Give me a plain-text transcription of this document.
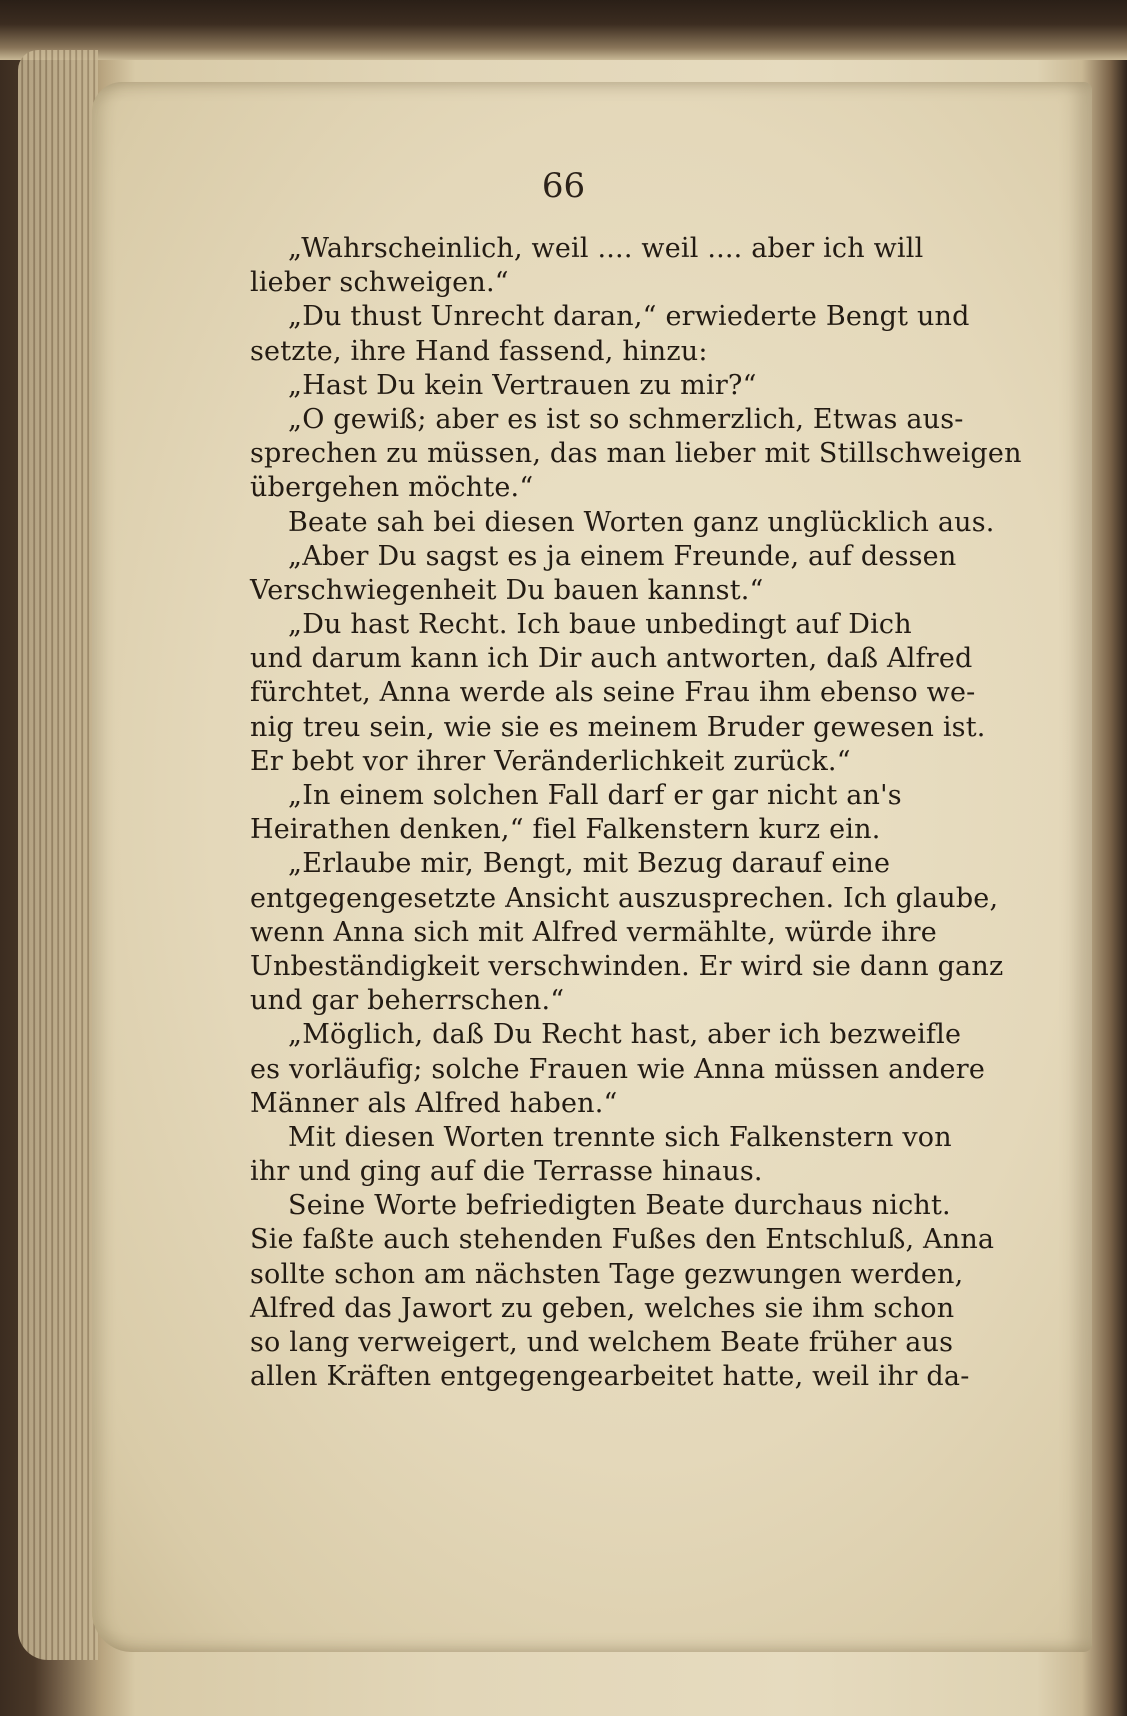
66
„Wahrscheinlich, weil .... weil .... aber ich will
lieber schweigen.“
„Du thust Unrecht daran,“ erwiederte Bengt und
setzte, ihre Hand fassend, hinzu:
„Hast Du kein Vertrauen zu mir?“
„O gewiß; aber es ist so schmerzlich, Etwas aus-
sprechen zu müssen, das man lieber mit Stillschweigen
übergehen möchte.“
Beate sah bei diesen Worten ganz unglücklich aus.
„Aber Du sagst es ja einem Freunde, auf dessen
Verschwiegenheit Du bauen kannst.“
„Du hast Recht. Ich baue unbedingt auf Dich
und darum kann ich Dir auch antworten, daß Alfred
fürchtet, Anna werde als seine Frau ihm ebenso we-
nig treu sein, wie sie es meinem Bruder gewesen ist.
Er bebt vor ihrer Veränderlichkeit zurück.“
„In einem solchen Fall darf er gar nicht an's
Heirathen denken,“ fiel Falkenstern kurz ein.
„Erlaube mir, Bengt, mit Bezug darauf eine
entgegengesetzte Ansicht auszusprechen. Ich glaube,
wenn Anna sich mit Alfred vermählte, würde ihre
Unbeständigkeit verschwinden. Er wird sie dann ganz
und gar beherrschen.“
„Möglich, daß Du Recht hast, aber ich bezweifle
es vorläufig; solche Frauen wie Anna müssen andere
Männer als Alfred haben.“
Mit diesen Worten trennte sich Falkenstern von
ihr und ging auf die Terrasse hinaus.
Seine Worte befriedigten Beate durchaus nicht.
Sie faßte auch stehenden Fußes den Entschluß, Anna
sollte schon am nächsten Tage gezwungen werden,
Alfred das Jawort zu geben, welches sie ihm schon
so lang verweigert, und welchem Beate früher aus
allen Kräften entgegengearbeitet hatte, weil ihr da-
